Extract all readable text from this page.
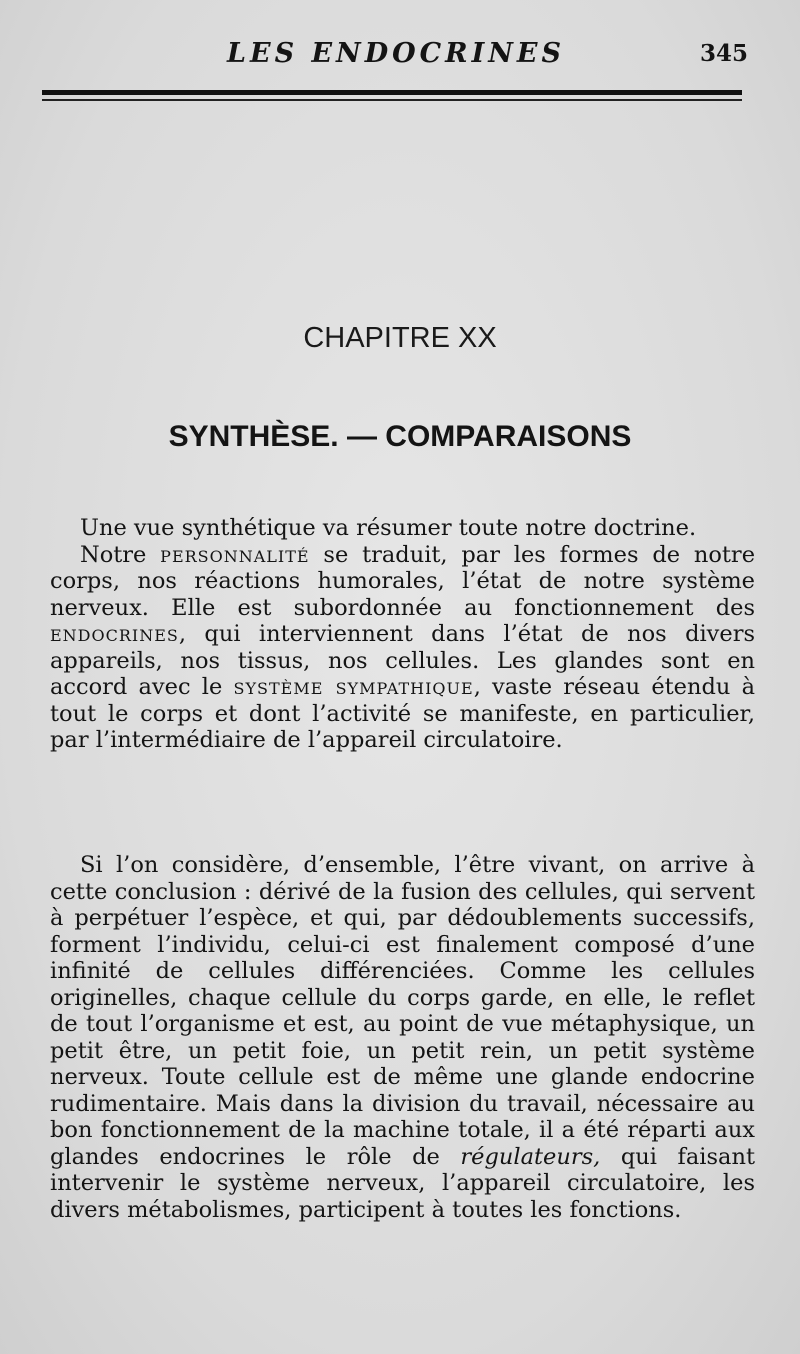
LES ENDOCRINES	345
CHAPITRE XX
SYNTHÈSE. — COMPARAISONS

Une vue synthétique va résumer toute notre doctrine.

Notre personnalité se traduit, par les formes de notre corps, nos réactions humorales, l’état de notre système nerveux. Elle est subordonnée au fonctionnement des endocrines, qui interviennent dans l’état de nos divers appareils, nos tissus, nos cellules. Les glandes sont en accord avec le système sympathique, vaste réseau étendu à tout le corps et dont l’activité se manifeste, en particulier, par l’intermédiaire de l’appareil circulatoire.

Si l’on considère, d’ensemble, l’être vivant, on arrive à cette conclusion : dérivé de la fusion des cellules, qui servent à perpétuer l’espèce, et qui, par dédoublements successifs, forment l’individu, celui-ci est finalement composé d’une infinité de cellules différenciées. Comme les cellules originelles, chaque cellule du corps garde, en elle, le reflet de tout l’organisme et est, au point de vue métaphysique, un petit être, un petit foie, un petit rein, un petit système nerveux. Toute cellule est de même une glande endocrine rudimentaire. Mais dans la division du travail, nécessaire au bon fonctionnement de la machine totale, il a été réparti aux glandes endocrines le rôle de régulateurs, qui faisant intervenir le système nerveux, l’appareil circulatoire, les divers métabolismes, participent à toutes les fonctions.
